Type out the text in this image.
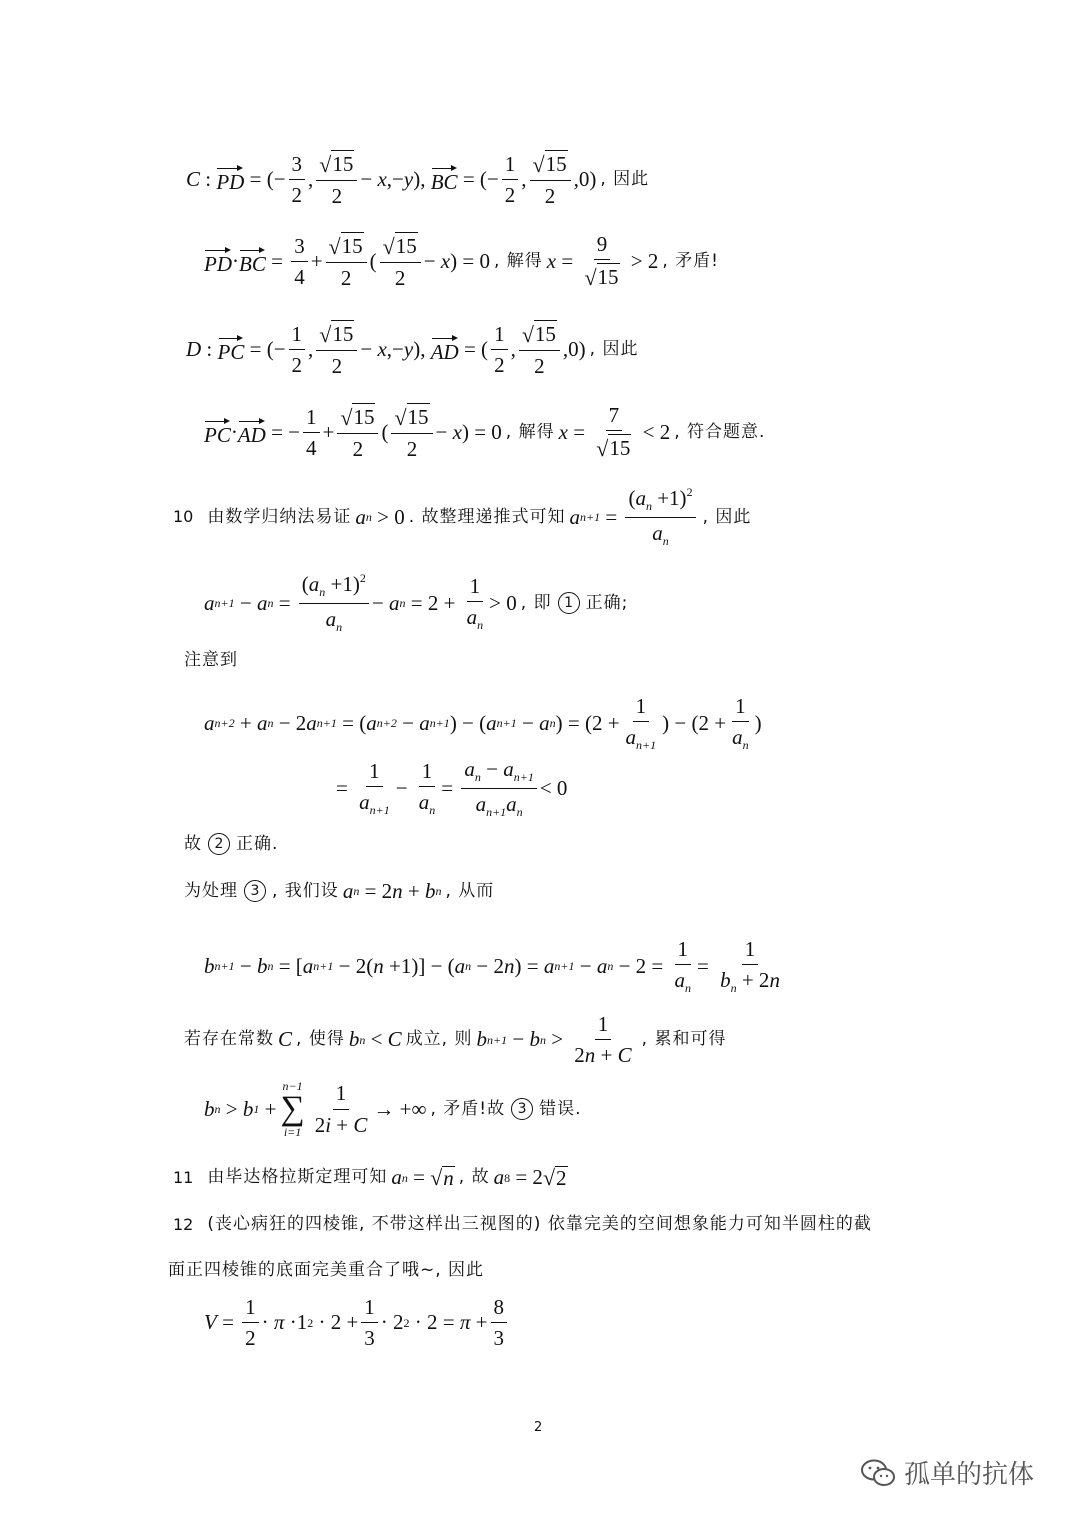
C : PD = (− $\frac{3}{2}$ , $\frac{√ 15}{2} - x$ ,− y ), BC = (− $\frac{1}{2}$ , $\frac{√ 15}{2} ,0$) , 因此
PD · BC = $\frac{3}{4} + \frac{√ 15}{2}$ ( $\frac{√ 15}{2} - x$ ) = 0 , 解得 $x = \frac{9}{√ 15} > 2$ , 矛盾!
D : PC = (− $\frac{1}{2}$ , $\frac{√ 15}{2} - x$ ,− y ), AD = ( $\frac{1}{2}$ , $\frac{√ 15}{2} ,0$) , 因此
PC · AD = − $\frac{1}{4} + \frac{√ 15}{2}$ ( $\frac{√ 15}{2} - x$ ) = 0 , 解得 $x = \frac{7}{√ 15} < 2$ , 符合题意.
10 由数学归纳法易证 a n > 0 . 故整理递推式可知 a $n+1 = \frac{(a_n +1)^2}{a_n}$ , 因此
a n+1 − a $n = \frac{(a_n +1)^2}{a_n} - a$ $n = 2 + \frac{1}{a_n} > 0$ , 即 1 正确;
注意到
a n+2 + a n − 2 a n+1 = ( a n+2 − a n+1 ) − ( a n+1 − a n ) = ($2 + \frac{1}{a_{n+1}}$ ) − ($2 + \frac{1}{a_n}$ )
= $\frac{1}{a_{n+1}} - \frac{1}{a_n} = \frac{a_n - a_{n+1}}{a_{n+1}a_n} < 0$
故 2 正确.
为处理 3 , 我们设 a n = 2 n + b n , 从而
b n+1 − b n = [ a n+1 − 2( n +1)] − ( a n − 2 n ) = a n+1 − a $n - 2 = \frac{1}{a_n} = \frac{1}{b_n + 2n}$
若存在常数 C , 使得 b n < C 成立, 则 b n+1 − b $n > \frac{1}{2n + C}$ , 累和可得
b n > b 1 +
n−1
∑
$i=1 \frac{1}{2i + C}$ → +∞ , 矛盾!故 3 错误.
11 由毕达格拉斯定理可知 a n = √ n , 故 a 8 = 2 √ 2
12 (丧心病狂的四棱锥, 不带这样出三视图的) 依靠完美的空间想象能力可知半圆柱的截
面正四棱锥的底面完美重合了哦~, 因此
$V = \frac{1}{2} \cdot \pi \cdot 1$ $2 \cdot 2 + \frac{1}{3} \cdot 2$ $2 \cdot 2 = \pi + \frac{8}{3}$
2
孤单的抗体
